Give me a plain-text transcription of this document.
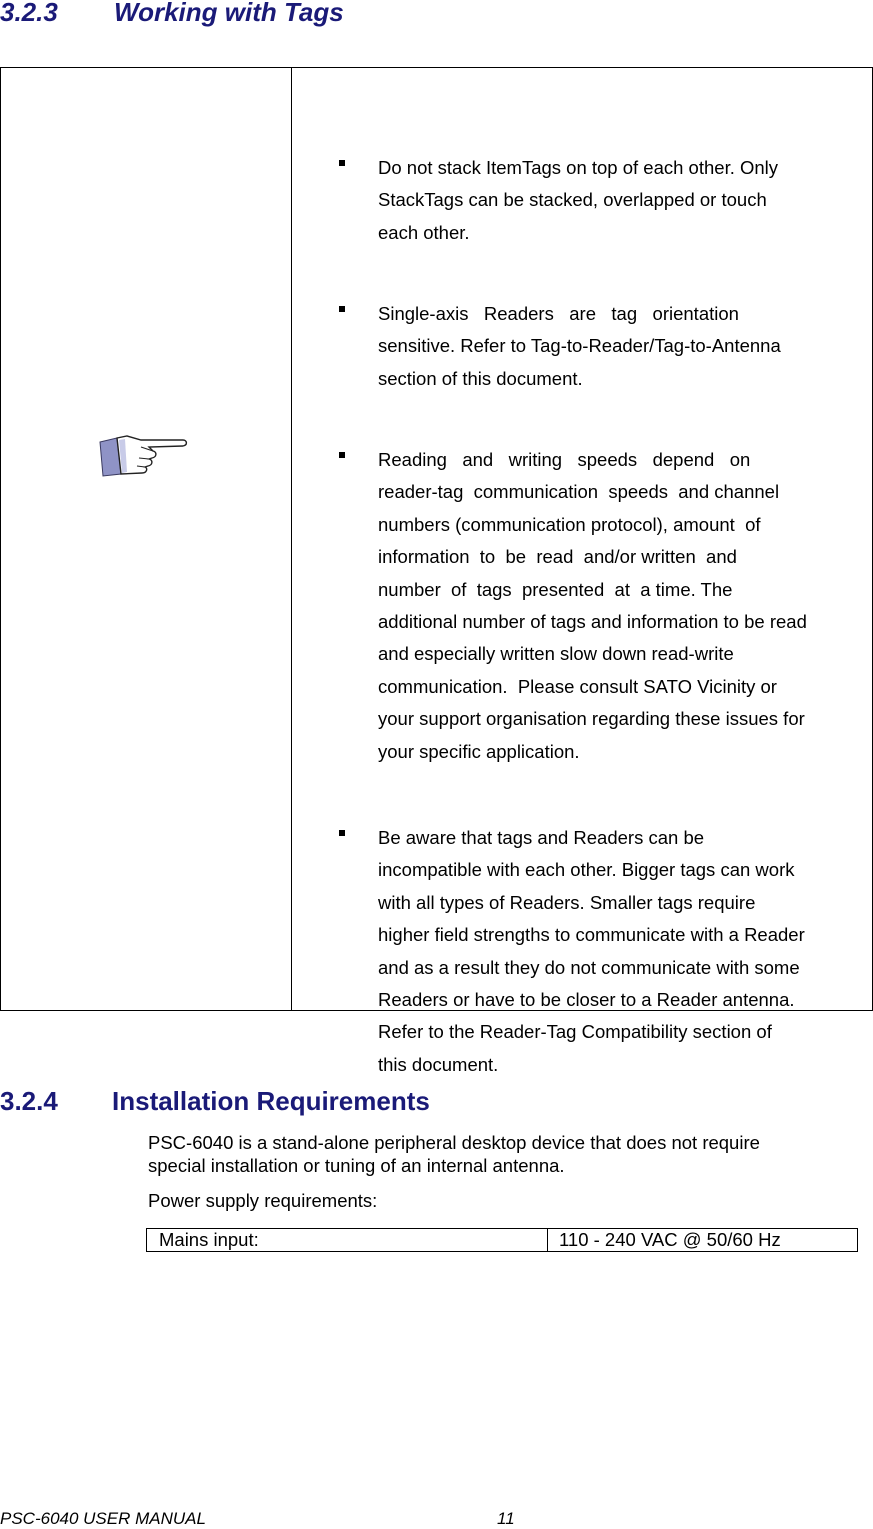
3.2.3 Working with Tags
Do not stack ItemTags on top of each other. Only
StackTags can be stacked, overlapped or touch
each other.
Single-axis   Readers   are   tag   orientation
sensitive. Refer to Tag-to-Reader/Tag-to-Antenna
section of this document.
Reading   and   writing   speeds   depend   on
reader-tag  communication  speeds  and channel
numbers (communication protocol), amount  of
information  to  be  read  and/or written  and
number  of  tags  presented  at  a time. The
additional number of tags and information to be read
and especially written slow down read-write
communication.  Please consult SATO Vicinity or
your support organisation regarding these issues for
your specific application.
Be aware that tags and Readers can be
incompatible with each other. Bigger tags can work
with all types of Readers. Smaller tags require
higher field strengths to communicate with a Reader
and as a result they do not communicate with some
Readers or have to be closer to a Reader antenna.
Refer to the Reader-Tag Compatibility section of
this document.
3.2.4 Installation Requirements
PSC-6040 is a stand-alone peripheral desktop device that does not require
special installation or tuning of an internal antenna.
Power supply requirements:
Mains input:	110 - 240 VAC @ 50/60 Hz
PSC-6040 USER MANUAL	11
